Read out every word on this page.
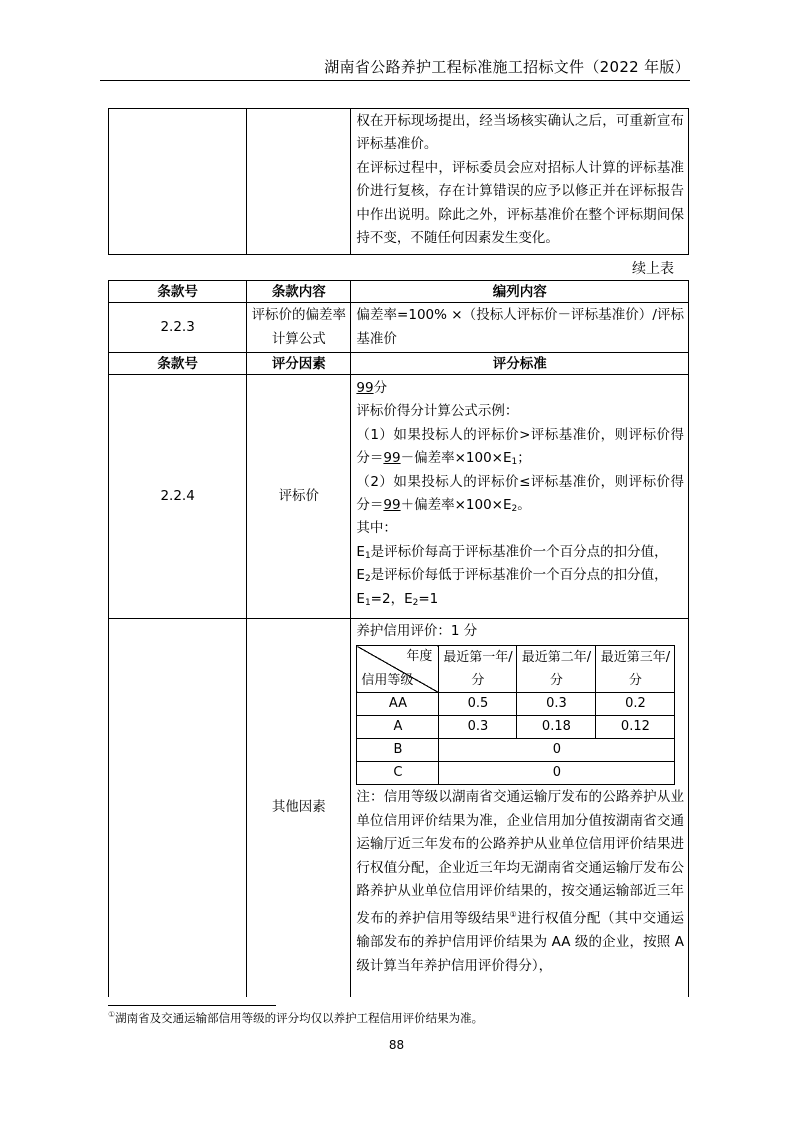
湖南省公路养护工程标准施工招标文件（2022 年版）

权在开标现场提出，经当场核实确认之后，可重新宣布评标基准价。

在评标过程中，评标委员会应对招标人计算的评标基准价进行复核，存在计算错误的应予以修正并在评标报告中作出说明。除此之外，评标基准价在整个评标期间保持不变，不随任何因素发生变化。

续上表
条款号	条款内容	编列内容
2.2.3	评标价的偏差率计算公式	偏差率=100% ×（投标人评标价－评标基准价）/评标基准价
条款号	评分因素	评分标准
2.2.4	评标价	

99分

评标价得分计算公式示例：

（1）如果投标人的评标价>评标基准价，则评标价得分＝99－偏差率$\times 100\times E_1$；

（2）如果投标人的评标价≤评标基准价，则评标价得分＝99＋偏差率$\times 100\times E_2$。

其中：

$E_1$是评标价每高于评标基准价一个百分点的扣分值，

$E_2$是评标价每低于评标基准价一个百分点的扣分值，

$E_1=2$，$E_2=1$

	其他因素	

养护信用评价：1 分

年度
信用等级
	最近第一年/分	最近第二年/分	最近第三年/分
AA	0.5	0.3	0.2
A	0.3	0.18	0.12
B	0
C	0

注：信用等级以湖南省交通运输厅发布的公路养护从业单位信用评价结果为准，企业信用加分值按湖南省交通运输厅近三年发布的公路养护从业单位信用评价结果进行权值分配，企业近三年均无湖南省交通运输厅发布公路养护从业单位信用评价结果的，按交通运输部近三年发布的养护信用等级结果①进行权值分配（其中交通运输部发布的养护信用评价结果为 AA 级的企业，按照 A 级计算当年养护信用评价得分），

①湖南省及交通运输部信用等级的评分均仅以养护工程信用评价结果为准。
88
